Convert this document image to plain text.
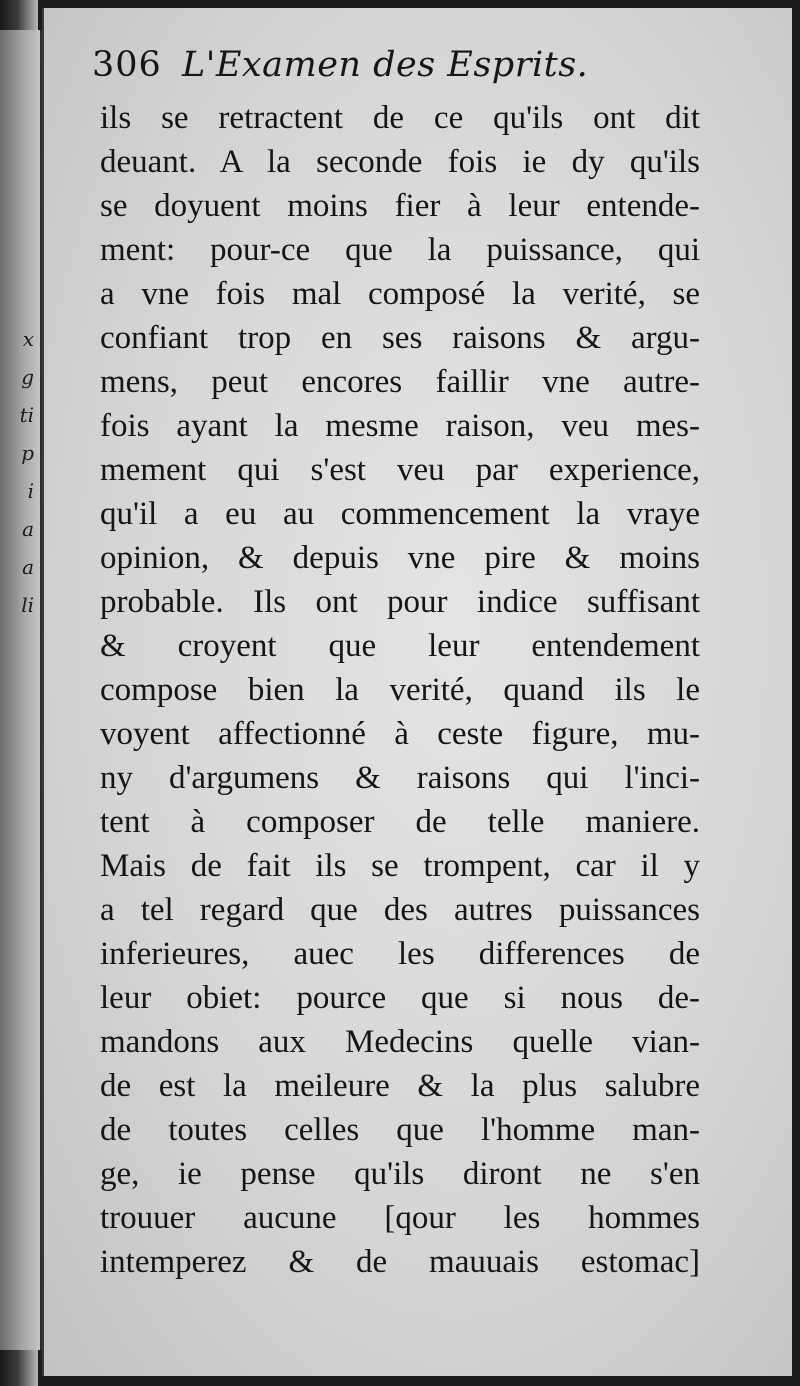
x
g
ti
p
i
a
a
li
306 L'Examen des Esprits.
ils se retractent de ce qu'ils ont dit
deuant. A la seconde fois ie dy qu'ils
se doyuent moins fier à leur entende-
ment: pour-ce que la puissance, qui
a vne fois mal composé la verité, se
confiant trop en ses raisons & argu-
mens, peut encores faillir vne autre-
fois ayant la mesme raison, veu mes-
mement qui s'est veu par experience,
qu'il a eu au commencement la vraye
opinion, & depuis vne pire & moins
probable. Ils ont pour indice suffisant
& croyent que leur entendement
compose bien la verité, quand ils le
voyent affectionné à ceste figure, mu-
ny d'argumens & raisons qui l'inci-
tent à composer de telle maniere.
Mais de fait ils se trompent, car il y
a tel regard que des autres puissances
inferieures, auec les differences de
leur obiet: pource que si nous de-
mandons aux Medecins quelle vian-
de est la meileure & la plus salubre
de toutes celles que l'homme man-
ge, ie pense qu'ils diront ne s'en
trouuer aucune [qour les hommes
intemperez & de mauuais estomac]
